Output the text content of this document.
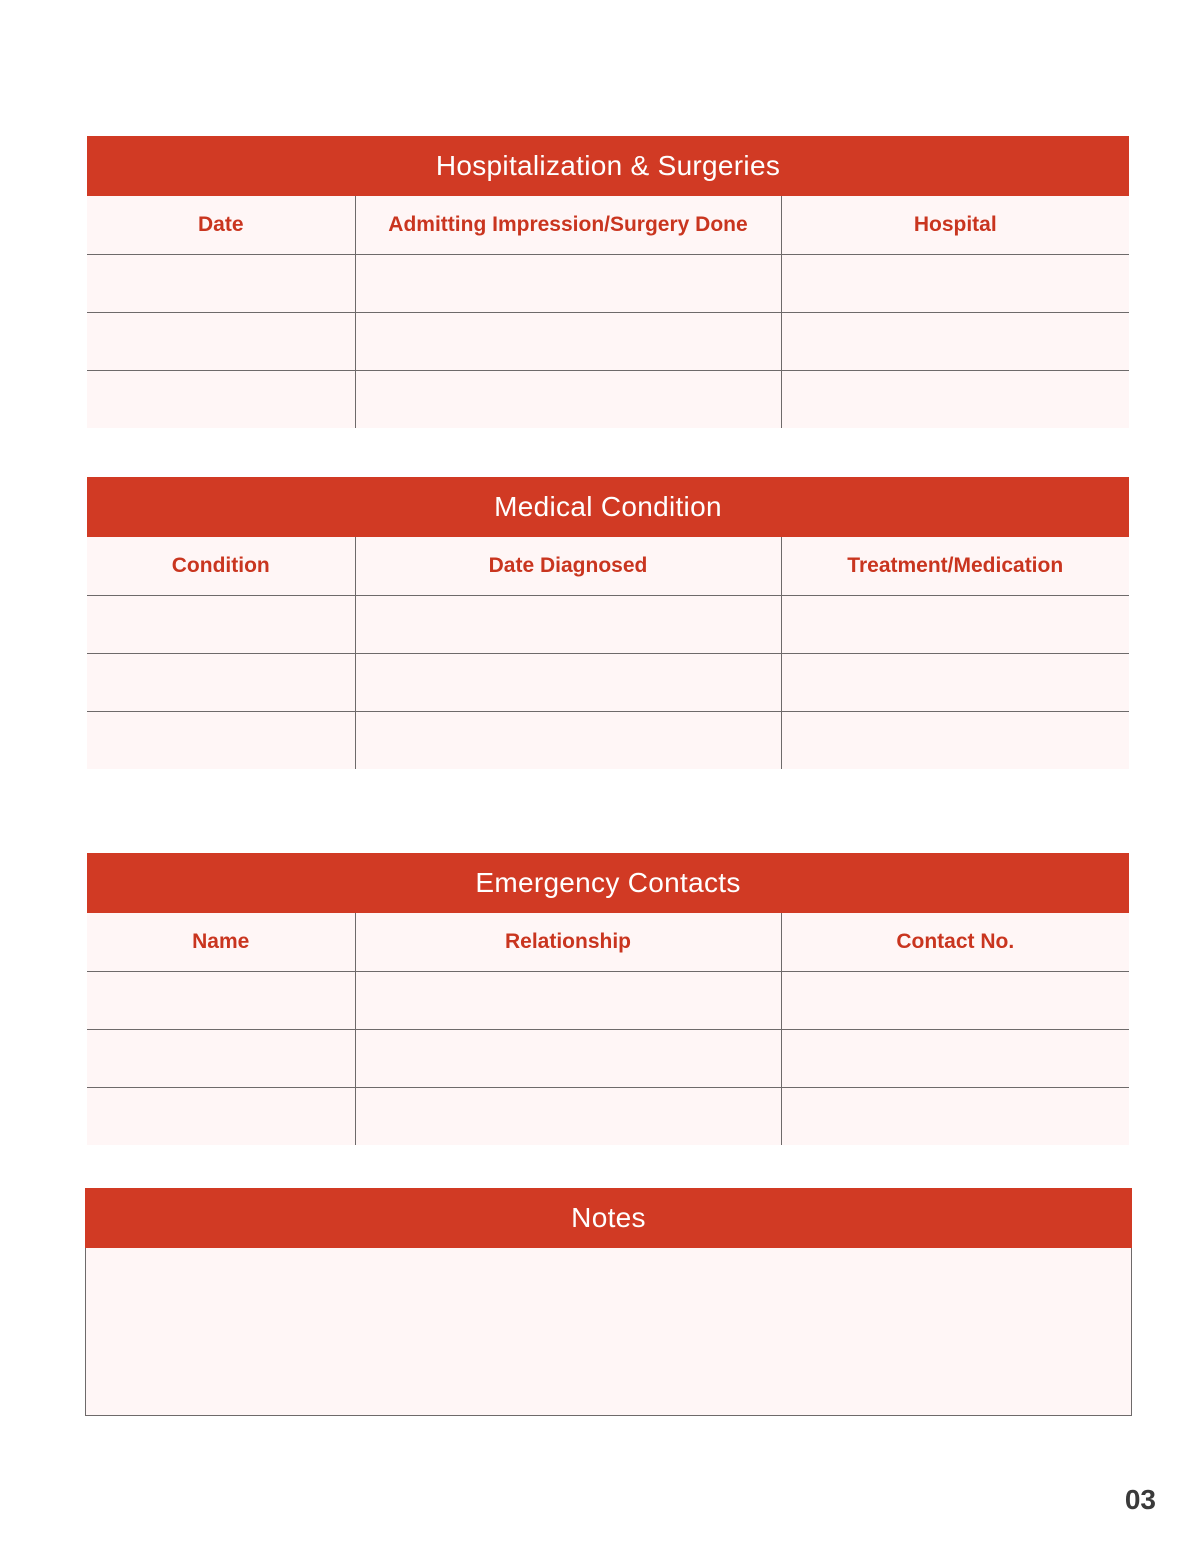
Hospitalization & Surgeries
Date	Admitting Impression/Surgery Done	Hospital

Medical Condition
Condition	Date Diagnosed	Treatment/Medication

Emergency Contacts
Name	Relationship	Contact No.

Notes
03
